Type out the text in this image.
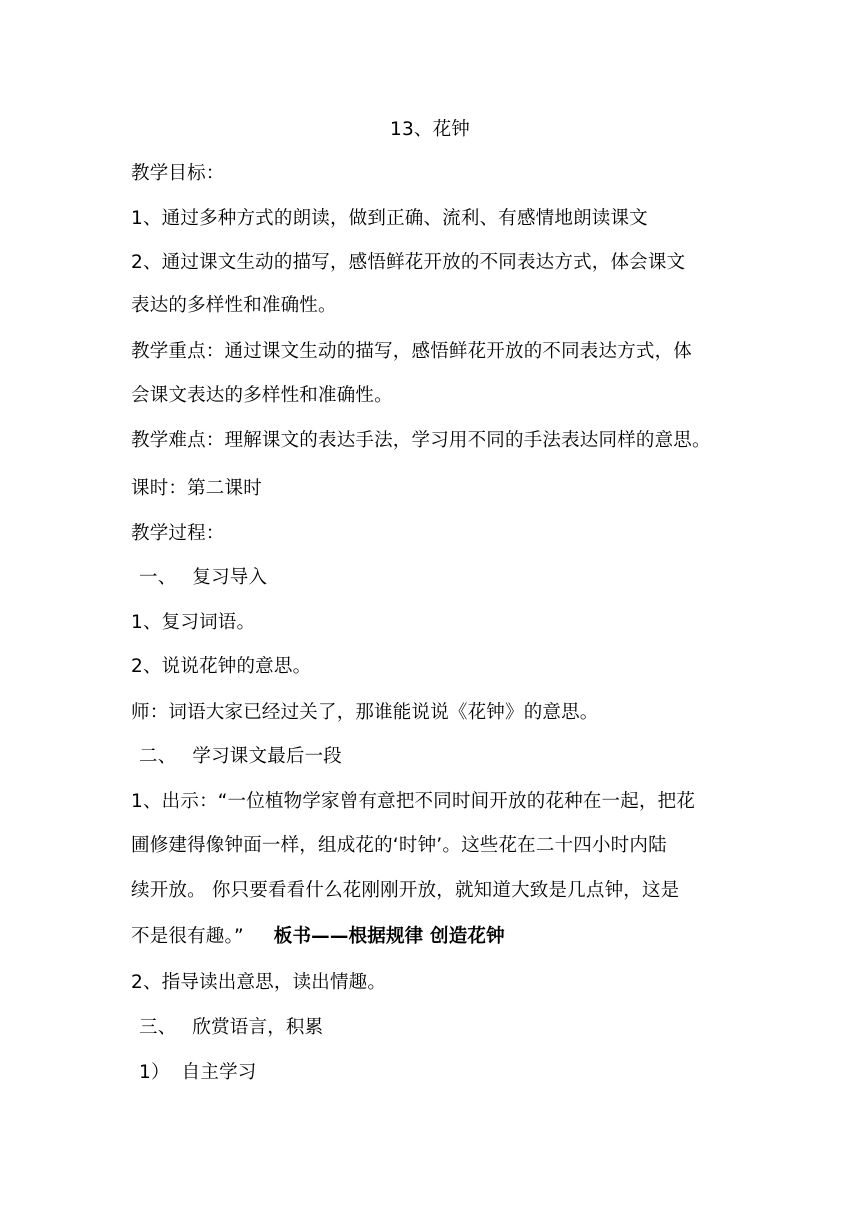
13、花钟
教学目标：
1、通过多种方式的朗读，做到正确、流利、有感情地朗读课文
2、通过课文生动的描写，感悟鲜花开放的不同表达方式，体会课文
表达的多样性和准确性。
教学重点：通过课文生动的描写，感悟鲜花开放的不同表达方式，体
会课文表达的多样性和准确性。
教学难点：理解课文的表达手法，学习用不同的手法表达同样的意思。
课时：第二课时
教学过程：
一、 复习导入
1、复习词语。
2、说说花钟的意思。
师：词语大家已经过关了，那谁能说说《花钟》的意思。
二、 学习课文最后一段
1、出示：“一位植物学家曾有意把不同时间开放的花种在一起，把花
圃修建得像钟面一样，组成花的‘时钟’。这些花在二十四小时内陆
续开放。 你只要看看什么花刚刚开放，就知道大致是几点钟，这是
不是很有趣。” 板书——根据规律 创造花钟
2、指导读出意思，读出情趣。
三、 欣赏语言，积累
1） 自主学习
